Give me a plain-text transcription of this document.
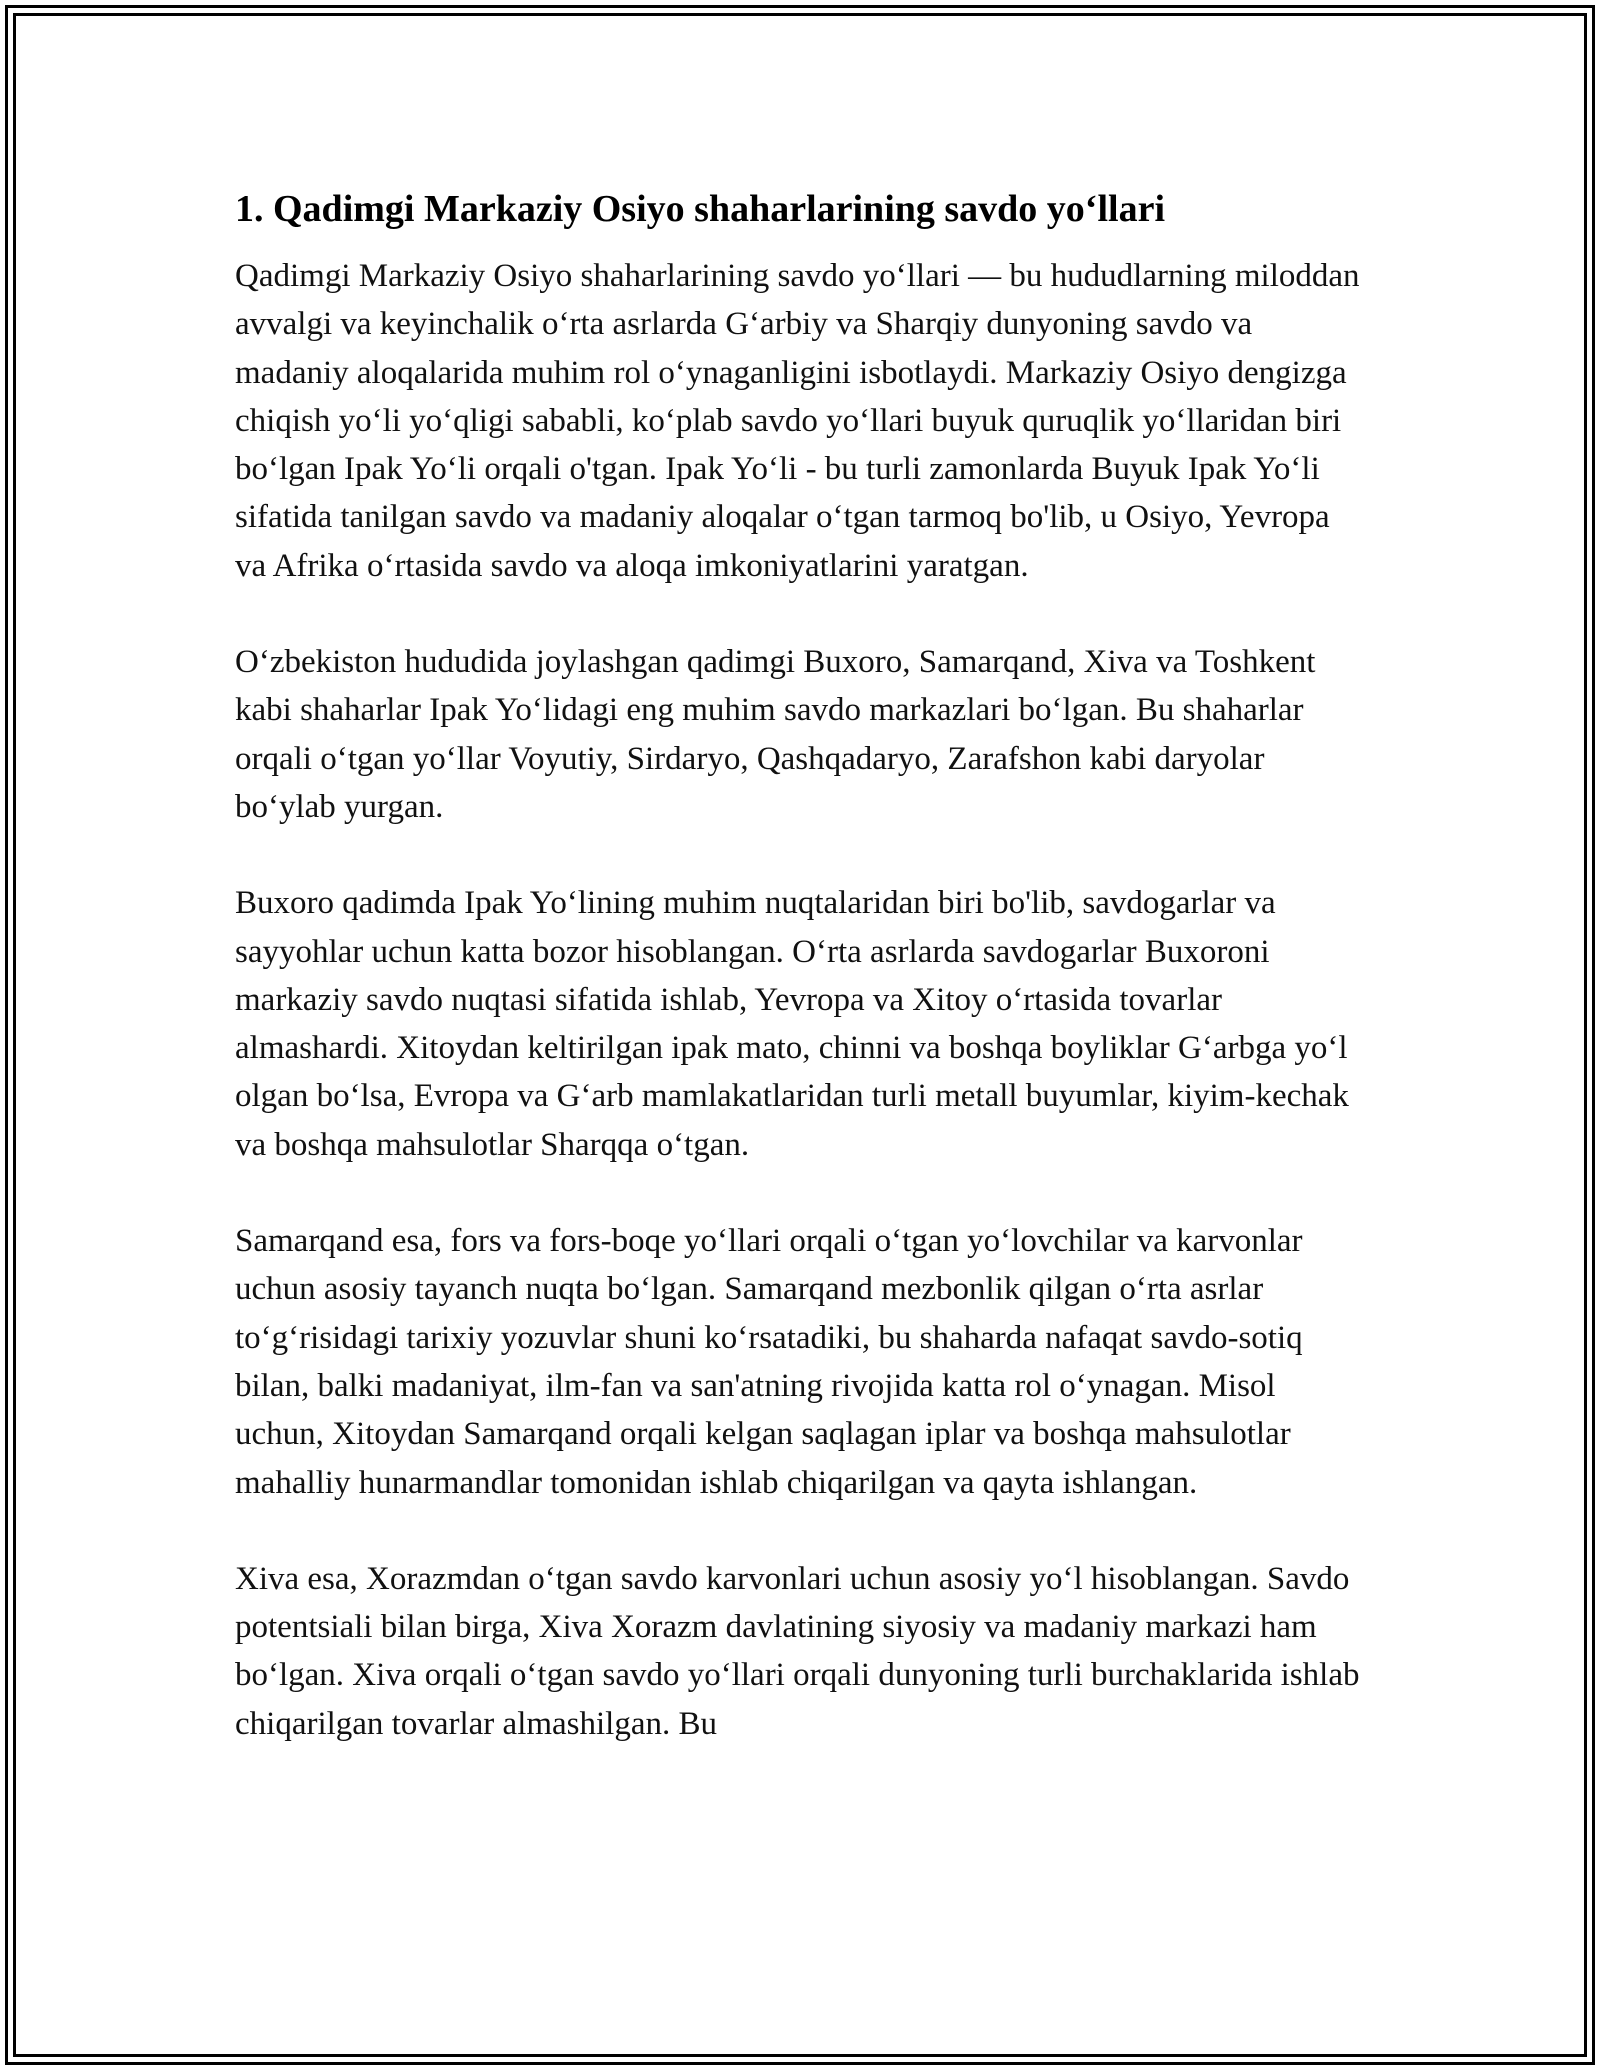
1. Qadimgi Markaziy Osiyo shaharlarining savdo yo‘llari

Qadimgi Markaziy Osiyo shaharlarining savdo yo‘llari — bu hududlarning miloddan avvalgi va keyinchalik o‘rta asrlarda G‘arbiy va Sharqiy dunyoning savdo va madaniy aloqalarida muhim rol o‘ynaganligini isbotlaydi. Markaziy Osiyo dengizga chiqish yo‘li yo‘qligi sababli, ko‘plab savdo yo‘llari buyuk quruqlik yo‘llaridan biri bo‘lgan Ipak Yo‘li orqali o'tgan. Ipak Yo‘li - bu turli zamonlarda Buyuk Ipak Yo‘li sifatida tanilgan savdo va madaniy aloqalar o‘tgan tarmoq bo'lib, u Osiyo, Yevropa va Afrika o‘rtasida savdo va aloqa imkoniyatlarini yaratgan.

O‘zbekiston hududida joylashgan qadimgi Buxoro, Samarqand, Xiva va Toshkent kabi shaharlar Ipak Yo‘lidagi eng muhim savdo markazlari bo‘lgan. Bu shaharlar orqali o‘tgan yo‘llar Voyutiy, Sirdaryo, Qashqadaryo, Zarafshon kabi daryolar bo‘ylab yurgan.

Buxoro qadimda Ipak Yo‘lining muhim nuqtalaridan biri bo'lib, savdogarlar va sayyohlar uchun katta bozor hisoblangan. O‘rta asrlarda savdogarlar Buxoroni markaziy savdo nuqtasi sifatida ishlab, Yevropa va Xitoy o‘rtasida tovarlar almashardi. Xitoydan keltirilgan ipak mato, chinni va boshqa boyliklar G‘arbga yo‘l olgan bo‘lsa, Evropa va G‘arb mamlakatlaridan turli metall buyumlar, kiyim-kechak va boshqa mahsulotlar Sharqqa o‘tgan.

Samarqand esa, fors va fors-boqe yo‘llari orqali o‘tgan yo‘lovchilar va karvonlar uchun asosiy tayanch nuqta bo‘lgan. Samarqand mezbonlik qilgan o‘rta asrlar to‘g‘risidagi tarixiy yozuvlar shuni ko‘rsatadiki, bu shaharda nafaqat savdo-sotiq bilan, balki madaniyat, ilm-fan va san'atning rivojida katta rol o‘ynagan. Misol uchun, Xitoydan Samarqand orqali kelgan saqlagan iplar va boshqa mahsulotlar mahalliy hunarmandlar tomonidan ishlab chiqarilgan va qayta ishlangan.

Xiva esa, Xorazmdan o‘tgan savdo karvonlari uchun asosiy yo‘l hisoblangan. Savdo potentsiali bilan birga, Xiva Xorazm davlatining siyosiy va madaniy markazi ham bo‘lgan. Xiva orqali o‘tgan savdo yo‘llari orqali dunyoning turli burchaklarida ishlab chiqarilgan tovarlar almashilgan. Bu
